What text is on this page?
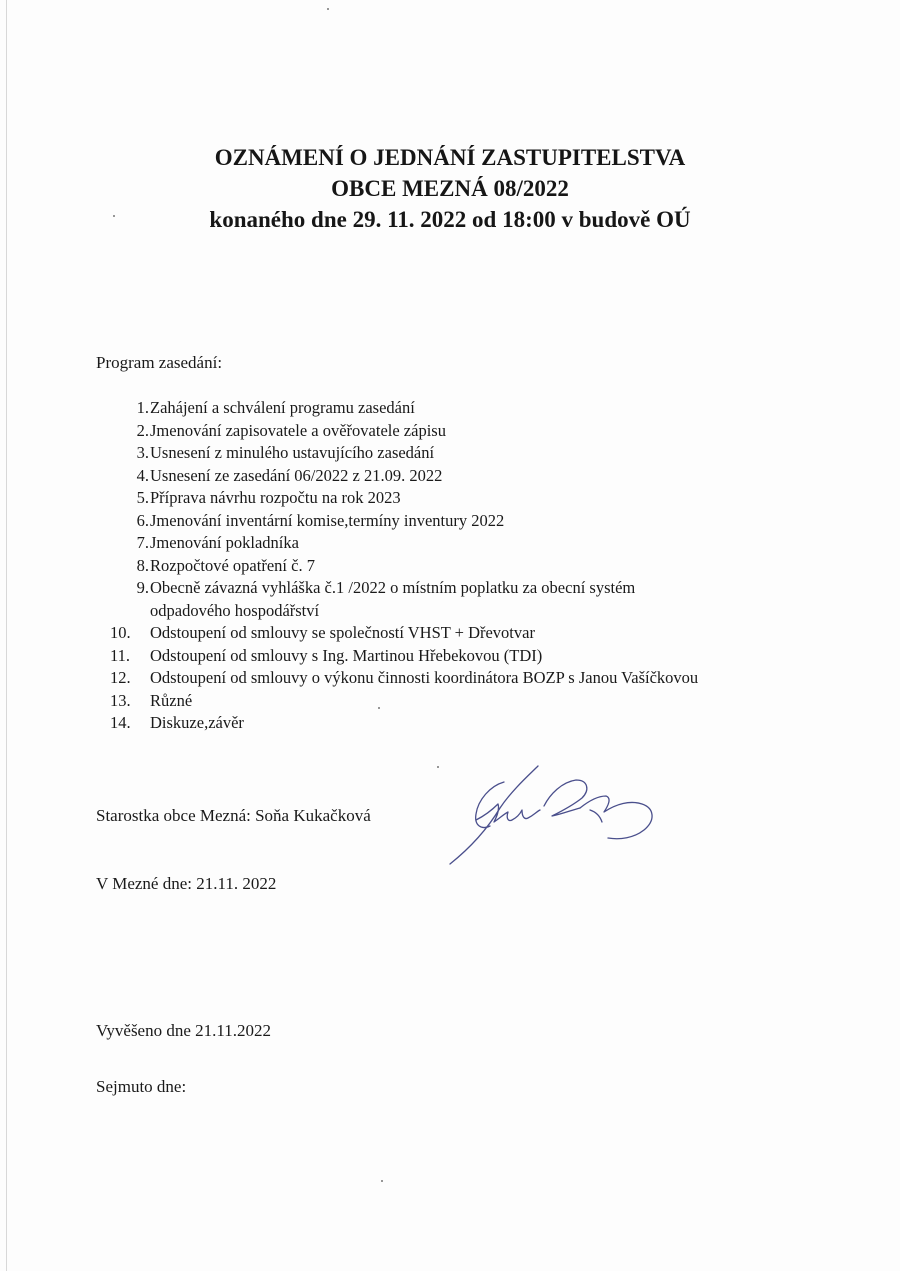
OZNÁMENÍ O JEDNÁNÍ ZASTUPITELSTVA
OBCE MEZNÁ 08/2022
konaného dne 29. 11. 2022 od 18:00 v budově OÚ
Program zasedání:
1. Zahájení a schválení programu zasedání
2. Jmenování zapisovatele a ověřovatele zápisu
3. Usnesení z minulého ustavujícího zasedání
4. Usnesení ze zasedání 06/2022 z 21.09. 2022
5. Příprava návrhu rozpočtu na rok 2023
6. Jmenování inventární komise,termíny inventury 2022
7. Jmenování pokladníka
8. Rozpočtové opatření č. 7
9. Obecně závazná vyhláška č.1 /2022 o místním poplatku za obecní systém
odpadového hospodářství
10.	Odstoupení od smlouvy se společností VHST + Dřevotvar
11.	Odstoupení od smlouvy s Ing. Martinou Hřebekovou (TDI)
12.	Odstoupení od smlouvy o výkonu činnosti koordinátora BOZP s Janou Vašíčkovou
13.	Různé
14.	Diskuze,závěr
Starostka obce Mezná: Soňa Kukačková
V Mezné dne: 21.11. 2022
Vyvěšeno dne 21.11.2022
Sejmuto dne:
